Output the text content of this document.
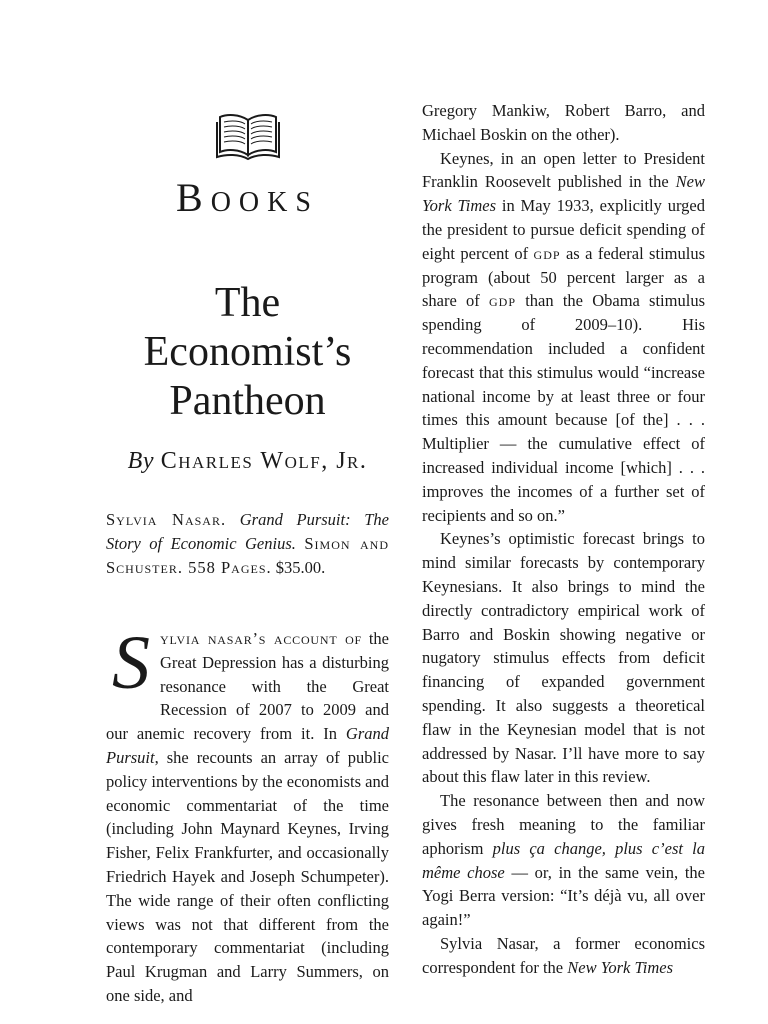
Books
The Economist’s Pantheon
By Charles Wolf, Jr.
Sylvia Nasar. Grand Pursuit: The Story of Economic Genius. Simon and Schuster. 558 Pages. $35.00.

Sylvia nasar’s account of the Great Depression has a disturbing resonance with the Great Recession of 2007 to 2009 and our anemic recovery from it. In Grand Pursuit, she recounts an array of public policy interventions by the economists and economic commentariat of the time (including John Maynard Keynes, Irving Fisher, Felix Frankfurter, and occasionally Friedrich Hayek and Joseph Schumpeter). The wide range of their often conflicting views was not that different from the contemporary commentariat (including Paul Krugman and Larry Summers, on one side, and

Gregory Mankiw, Robert Barro, and Michael Boskin on the other).

Keynes, in an open letter to President Franklin Roosevelt published in the New York Times in May 1933, explicitly urged the president to pursue deficit spending of eight percent of gdp as a federal stimulus program (about 50 percent larger as a share of gdp than the Obama stimulus spending of 2009–10). His recommendation included a confident forecast that this stimulus would “increase national income by at least three or four times this amount because [of the] . . . Multiplier — the cumulative effect of increased individual income [which] . . . improves the incomes of a further set of recipients and so on.”

Keynes’s optimistic forecast brings to mind similar forecasts by contemporary Keynesians. It also brings to mind the directly contradictory empirical work of Barro and Boskin showing negative or nugatory stimulus effects from deficit financing of expanded government spending. It also suggests a theoretical flaw in the Keynesian model that is not addressed by Nasar. I’ll have more to say about this flaw later in this review.

The resonance between then and now gives fresh meaning to the familiar aphorism plus ça change, plus c’est la même chose — or, in the same vein, the Yogi Berra version: “It’s déjà vu, all over again!”

Sylvia Nasar, a former economics correspondent for the New York Times
